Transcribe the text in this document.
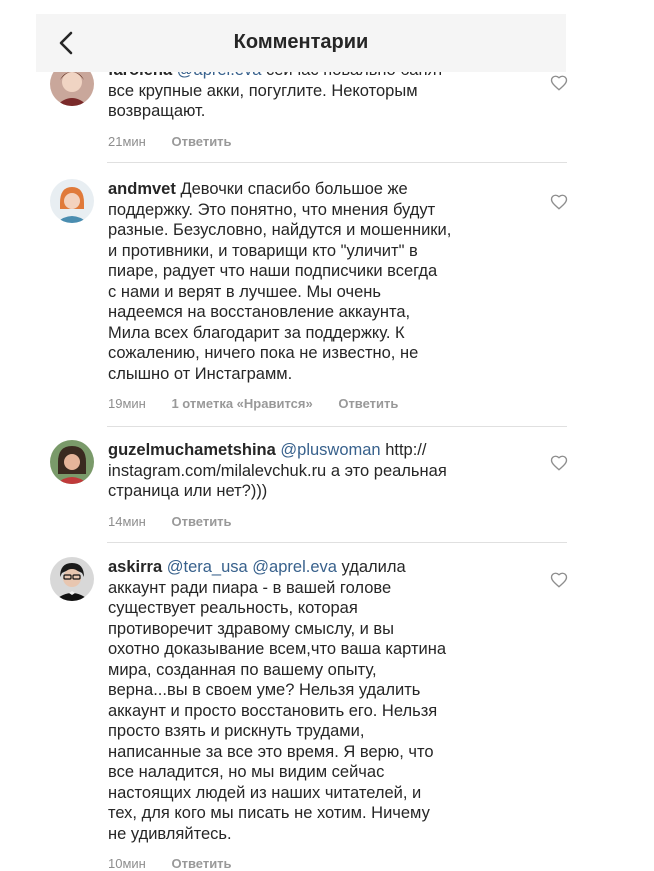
все крупные акки, погуглите. Некоторым
возвращают.

21мин Ответить

andmvet Девочки спасибо большое же
поддержку. Это понятно, что мнения будут
разные. Безусловно, найдутся и мошенники,
и противники, и товарищи кто "уличит" в
пиаре, радует что наши подписчики всегда
с нами и верят в лучшее. Мы очень
надеемся на восстановление аккаунта,
Мила всех благодарит за поддержку. К
сожалению, ничего пока не известно, не
слышно от Инстаграмм.

19мин 1 отметка «Нравится» Ответить

guzelmuchametshina @pluswoman http://
instagram.com/milalevchuk.ru а это реальная
страница или нет?)))

14мин Ответить

askirra @tera_usa @aprel.eva удалила
аккаунт ради пиара - в вашей голове
существует реальность, которая
противоречит здравому смыслу, и вы
охотно доказывание всем,что ваша картина
мира, созданная по вашему опыту,
верна...вы в своем уме? Нельзя удалить
аккаунт и просто восстановить его. Нельзя
просто взять и рискнуть трудами,
написанные за все это время. Я верю, что
все наладится, но мы видим сейчас
настоящих людей из наших читателей, и
тех, для кого мы писать не хотим. Ничему
не удивляйтесь.

10мин Ответить
Комментарии
